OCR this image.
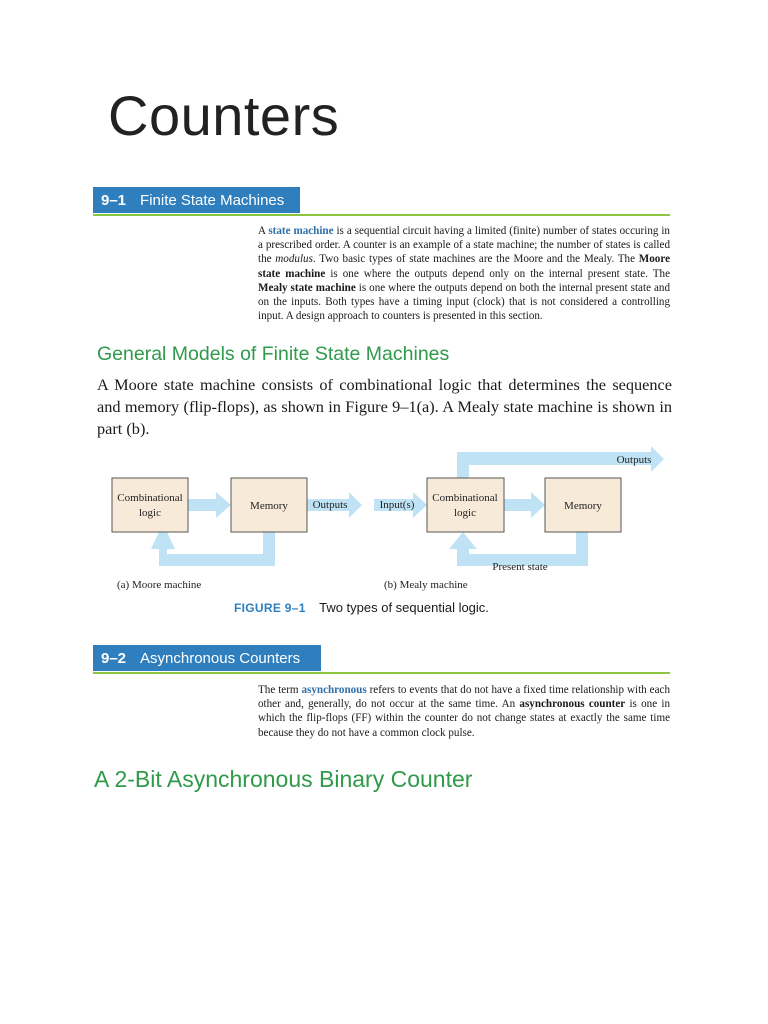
Counters
9–1 Finite State Machines
A state machine is a sequential circuit having a limited (finite) number of states occuring in a prescribed order. A counter is an example of a state machine; the number of states is called the modulus. Two basic types of state machines are the Moore and the Mealy. The Moore state machine is one where the outputs depend only on the internal present state. The Mealy state machine is one where the outputs depend on both the internal present state and on the inputs. Both types have a timing input (clock) that is not considered a controlling input. A design approach to counters is presented in this section.
General Models of Finite State Machines
A Moore state machine consists of combinational logic that determines the sequence and memory (flip-flops), as shown in Figure 9–1(a). A Mealy state machine is shown in part (b).
Combinational
logic
Memory Outputs
(a) Moore machine
Combinational
logic
Memory
Input(s)
Outputs
Present state
(b) Mealy machine
FIGURE 9–1 Two types of sequential logic.
9–2 Asynchronous Counters
The term asynchronous refers to events that do not have a fixed time relationship with each other and, generally, do not occur at the same time. An asynchronous counter is one in which the flip-flops (FF) within the counter do not change states at exactly the same time because they do not have a common clock pulse.
A 2-Bit Asynchronous Binary Counter
